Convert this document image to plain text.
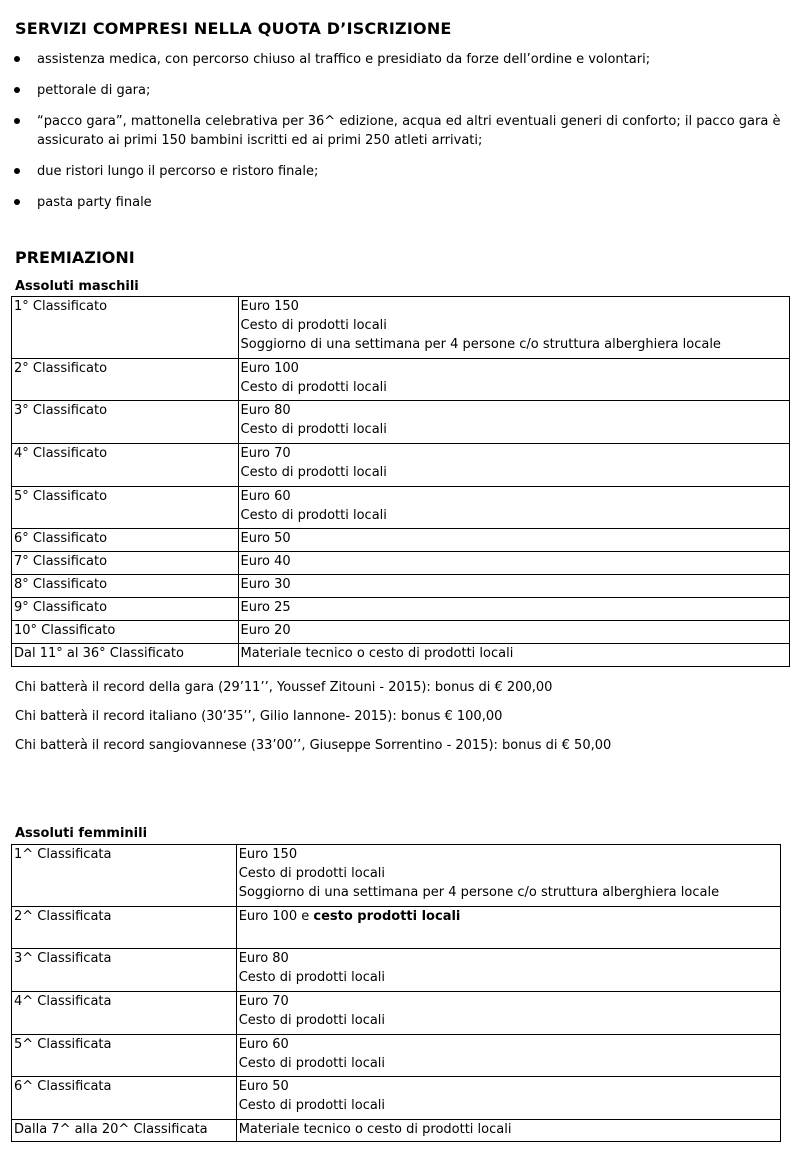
SERVIZI COMPRESI NELLA QUOTA D’ISCRIZIONE
assistenza medica, con percorso chiuso al traffico e presidiato da forze dell’ordine e volontari;
pettorale di gara;
“pacco gara”, mattonella celebrativa per 36^ edizione, acqua ed altri eventuali generi di conforto; il pacco gara è assicurato ai primi 150 bambini iscritti ed ai primi 250 atleti arrivati;
due ristori lungo il percorso e ristoro finale;
pasta party finale
PREMIAZIONI
Assoluti maschili
1° Classificato	Euro 150
Cesto di prodotti locali
Soggiorno di una settimana per 4 persone c/o struttura alberghiera locale

2° Classificato	Euro 100
Cesto di prodotti locali

3° Classificato	Euro 80
Cesto di prodotti locali

4° Classificato	Euro 70
Cesto di prodotti locali

5° Classificato	Euro 60
Cesto di prodotti locali

6° Classificato	Euro 50

7° Classificato	Euro 40

8° Classificato	Euro 30

9° Classificato	Euro 25

10° Classificato	Euro 20

Dal 11° al 36° Classificato	Materiale tecnico o cesto di prodotti locali
Chi batterà il record della gara (29’11’’, Youssef Zitouni - 2015): bonus di € 200,00
Chi batterà il record italiano (30’35’’, Gilio Iannone- 2015): bonus € 100,00
Chi batterà il record sangiovannese (33’00’’, Giuseppe Sorrentino - 2015): bonus di € 50,00
Assoluti femminili
1^ Classificata	Euro 150
Cesto di prodotti locali
Soggiorno di una settimana per 4 persone c/o struttura alberghiera locale

2^ Classificata	Euro 100 e cesto prodotti locali

3^ Classificata	Euro 80
Cesto di prodotti locali

4^ Classificata	Euro 70
Cesto di prodotti locali

5^ Classificata	Euro 60
Cesto di prodotti locali

6^ Classificata	Euro 50
Cesto di prodotti locali

Dalla 7^ alla 20^ Classificata	Materiale tecnico o cesto di prodotti locali
